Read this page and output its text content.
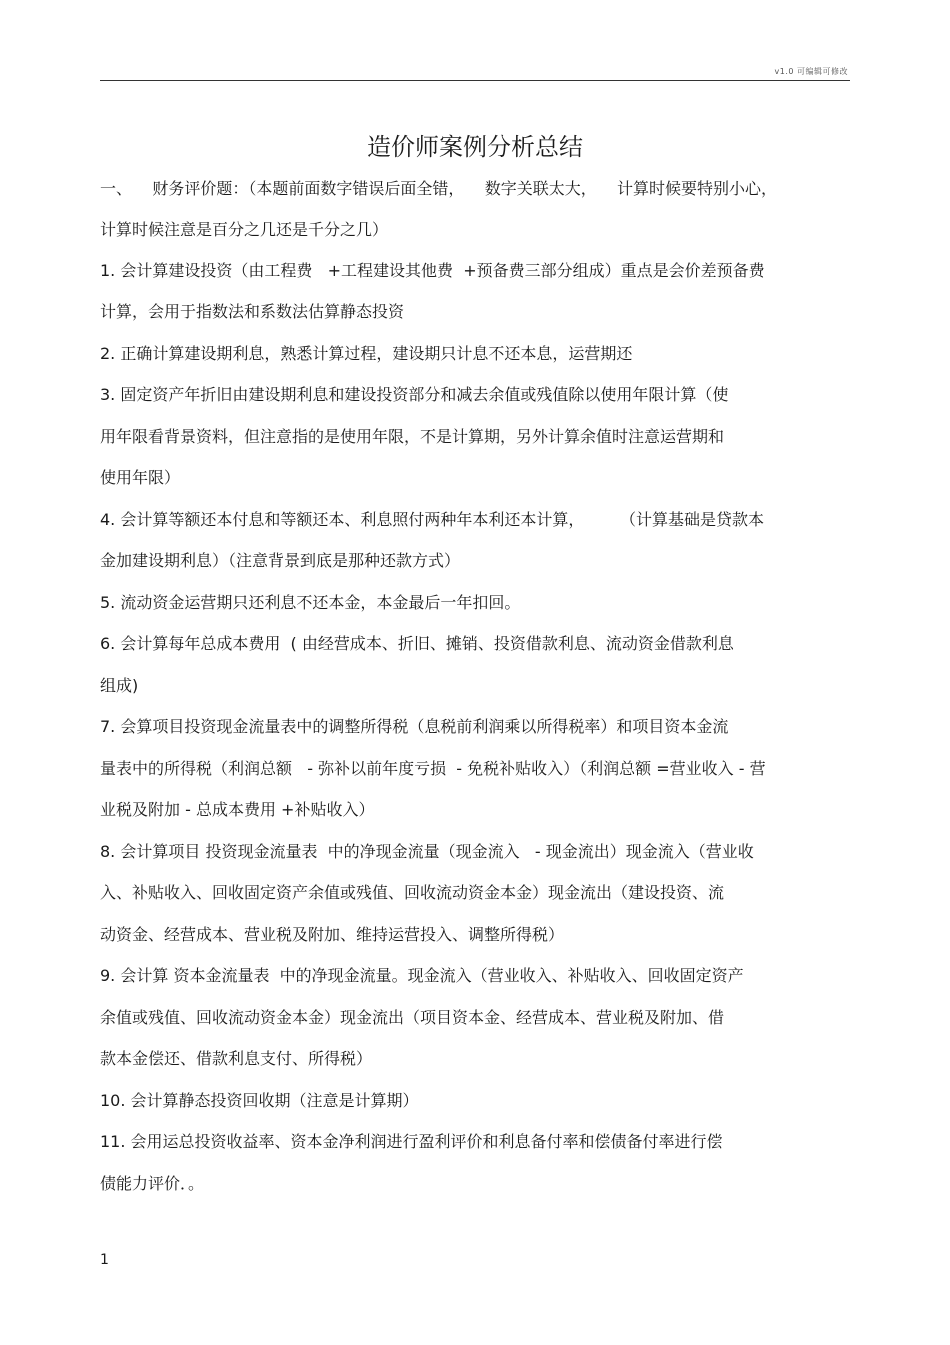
v1.0 可编辑可修改
造价师案例分析总结

一、    财务评价题：（本题前面数字错误后面全错，    数字关联太大，    计算时候要特别小心，

计算时候注意是百分之几还是千分之几）

1. 会计算建设投资（由工程费   +工程建设其他费  +预备费三部分组成）重点是会价差预备费

计算，会用于指数法和系数法估算静态投资

2. 正确计算建设期利息，熟悉计算过程，建设期只计息不还本息，运营期还

3. 固定资产年折旧由建设期利息和建设投资部分和减去余值或残值除以使用年限计算（使

用年限看背景资料，但注意指的是使用年限，不是计算期，另外计算余值时注意运营期和

使用年限）

4. 会计算等额还本付息和等额还本、利息照付两种年本利还本计算，       （计算基础是贷款本

金加建设期利息）（注意背景到底是那种还款方式）

5. 流动资金运营期只还利息不还本金，本金最后一年扣回。

6. 会计算每年总成本费用  ( 由经营成本、折旧、摊销、投资借款利息、流动资金借款利息

组成)

7. 会算项目投资现金流量表中的调整所得税（息税前利润乘以所得税率）和项目资本金流

量表中的所得税（利润总额   - 弥补以前年度亏损  - 免税补贴收入）（利润总额 =营业收入 - 营

业税及附加 - 总成本费用 +补贴收入）

8. 会计算项目 投资现金流量表  中的净现金流量（现金流入   - 现金流出）现金流入（营业收

入、补贴收入、回收固定资产余值或残值、回收流动资金本金）现金流出（建设投资、流

动资金、经营成本、营业税及附加、维持运营投入、调整所得税）

9. 会计算 资本金流量表  中的净现金流量。现金流入（营业收入、补贴收入、回收固定资产

余值或残值、回收流动资金本金）现金流出（项目资本金、经营成本、营业税及附加、借

款本金偿还、借款利息支付、所得税）

10. 会计算静态投资回收期（注意是计算期）

11. 会用运总投资收益率、资本金净利润进行盈利评价和利息备付率和偿债备付率进行偿

债能力评价．。

1
